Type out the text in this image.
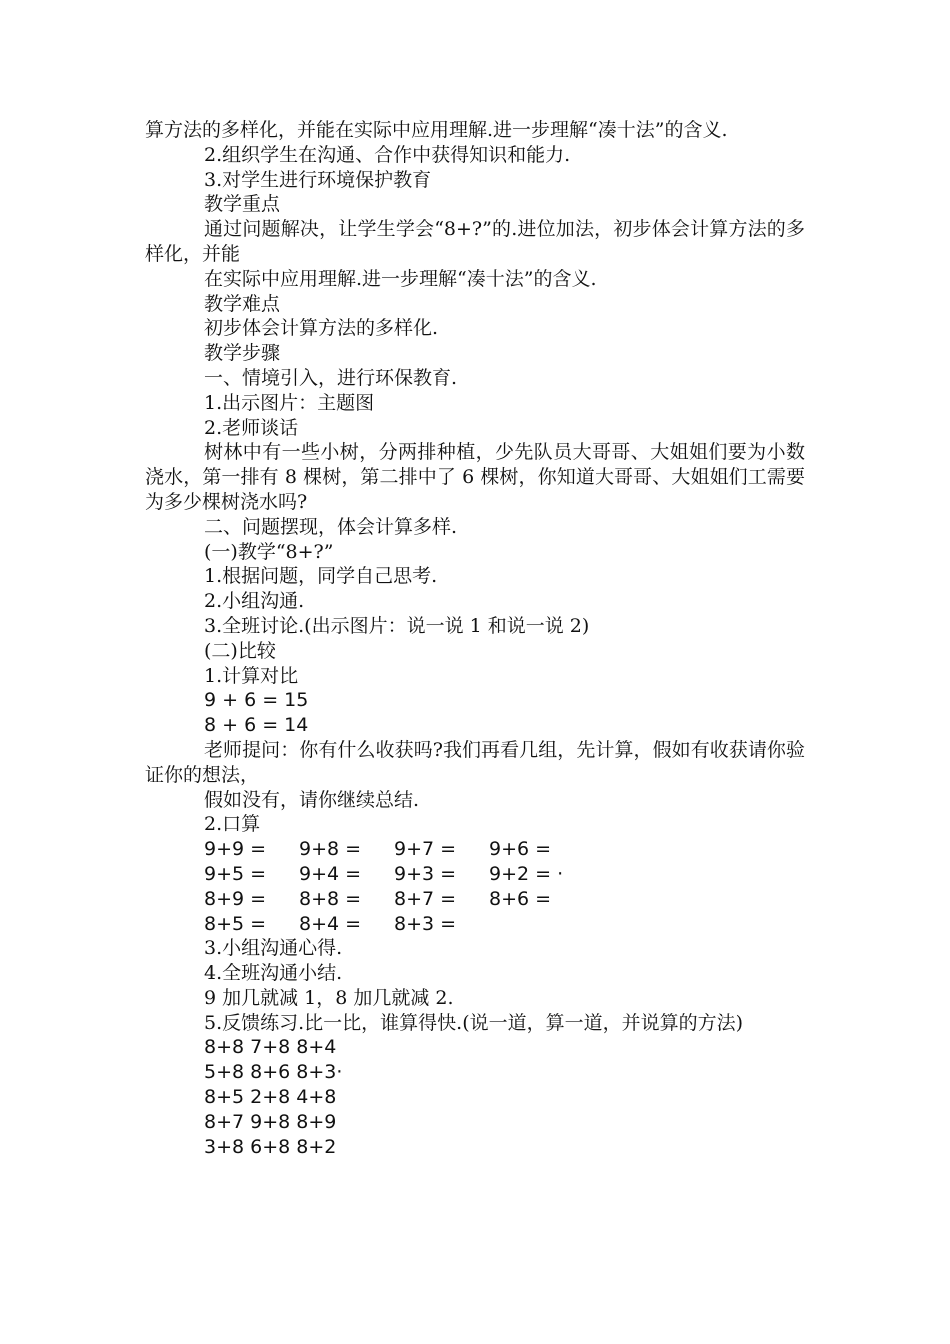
算方法的多样化，并能在实际中应用理解.进一步理解“凑十法”的含义.

2.组织学生在沟通、合作中获得知识和能力.

3.对学生进行环境保护教育

教学重点

通过问题解决，让学生学会“8+?”的.进位加法，初步体会计算方法的多样化，并能

在实际中应用理解.进一步理解“凑十法”的含义.

教学难点

初步体会计算方法的多样化.

教学步骤

一、情境引入，进行环保教育.

1.出示图片：主题图

2.老师谈话

树林中有一些小树，分两排种植，少先队员大哥哥、大姐姐们要为小数浇水，第一排有 8 棵树，第二排中了 6 棵树，你知道大哥哥、大姐姐们工需要为多少棵树浇水吗?

二、问题摆现，体会计算多样.

(一)教学“8+?”

1.根据问题，同学自己思考.

2.小组沟通.

3.全班讨论.(出示图片：说一说 1 和说一说 2)

(二)比较

1.计算对比

9 + 6 = 15

8 + 6 = 14

老师提问：你有什么收获吗?我们再看几组，先计算，假如有收获请你验证你的想法，

假如没有，请你继续总结.

2.口算

9+9 =	9+8 =	9+7 =	9+6 =
9+5 =	9+4 =	9+3 =	9+2 = ·
8+9 =	8+8 =	8+7 =	8+6 =
8+5 =	8+4 =	8+3 =

3.小组沟通心得.

4.全班沟通小结.

9 加几就减 1，8 加几就减 2.

5.反馈练习.比一比，谁算得快.(说一道，算一道，并说算的方法)

8+8 7+8 8+4

5+8 8+6 8+3·

8+5 2+8 4+8

8+7 9+8 8+9

3+8 6+8 8+2
